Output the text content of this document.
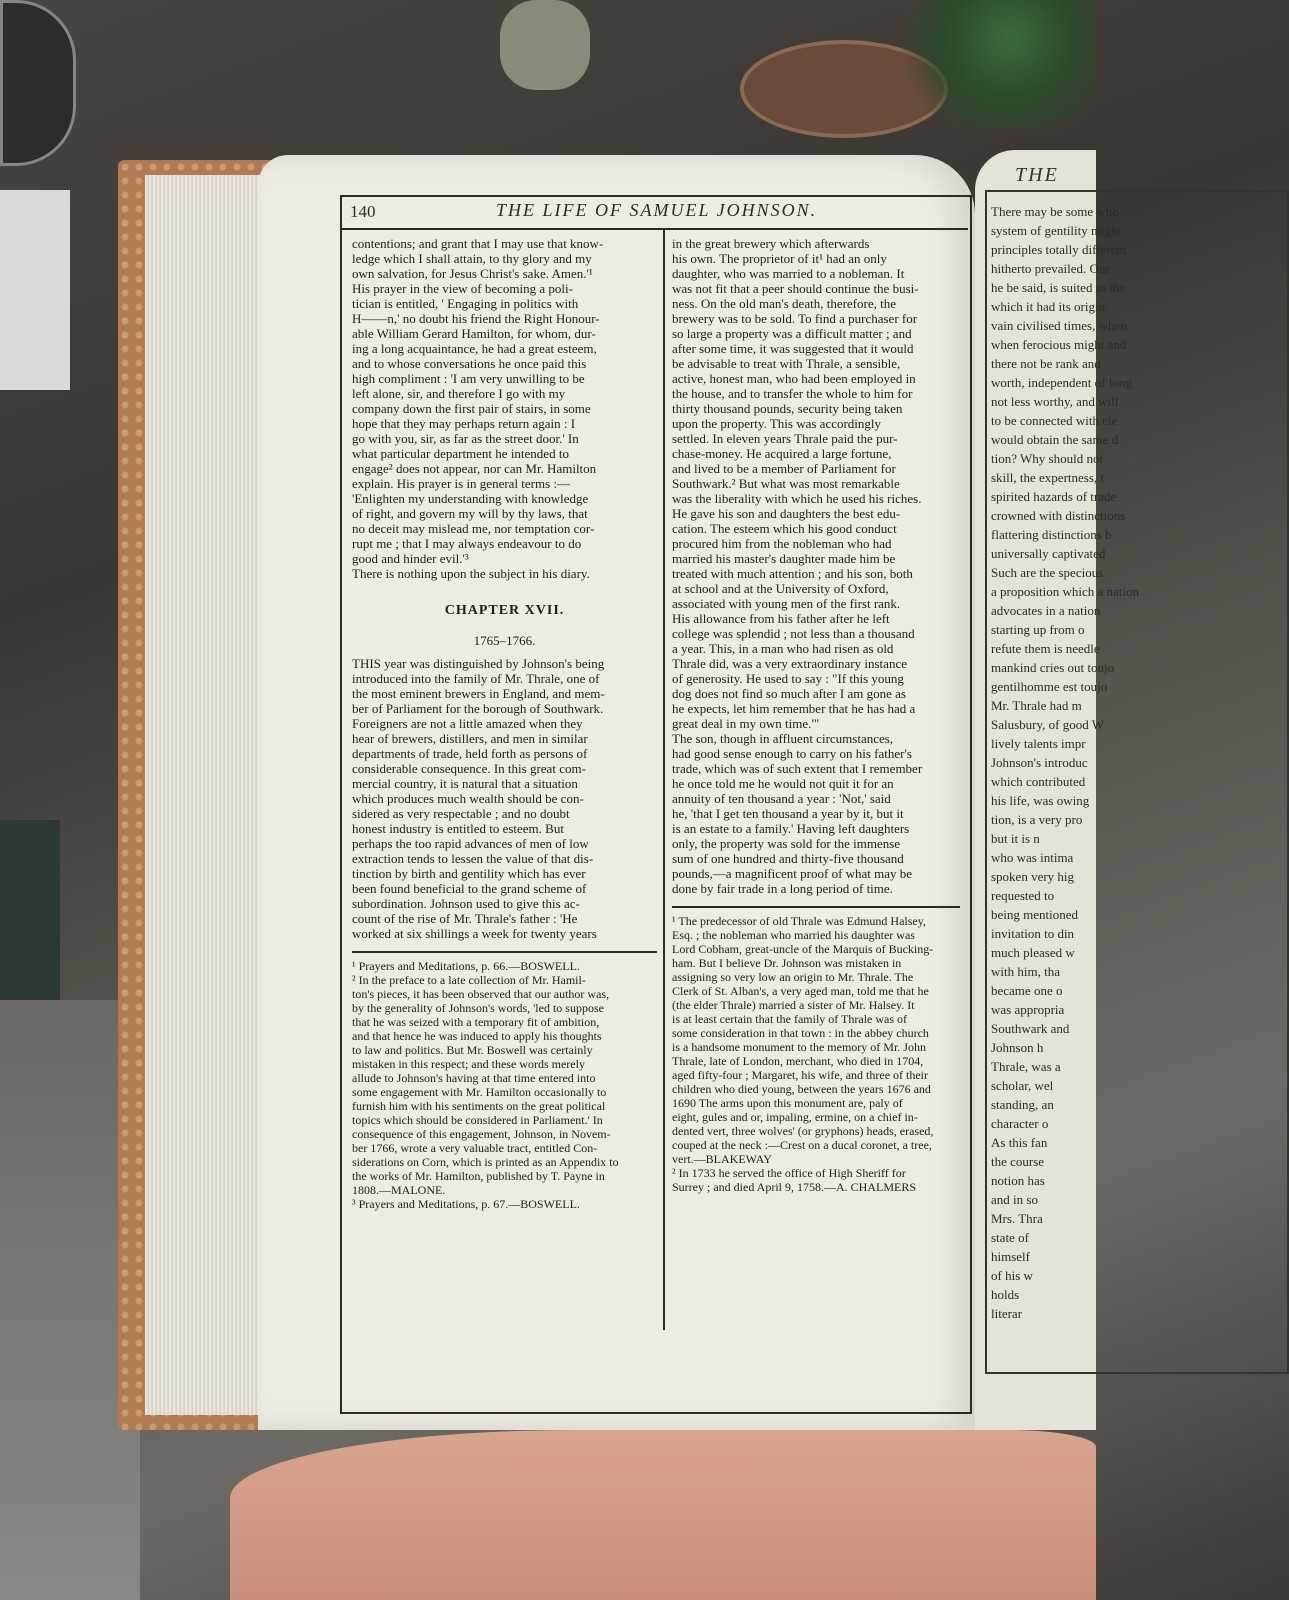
THE
There may be some who
system of gentility might
principles totally different
hitherto prevailed. Our
he be said, is suited to the
which it had its origin.
vain civilised times, when
when ferocious might and
there not be rank and
worth, independent of long
not less worthy, and will
to be connected with ele
would obtain the same d
tion? Why should not
skill, the expertness, t
spirited hazards of trade
crowned with distinctions
flattering distinctions b
universally captivated
Such are the specious
a proposition which a nation
advocates in a nation
starting up from o
refute them is needle
mankind cries out toujo
gentilhomme est toujo
Mr. Thrale had m
Salusbury, of good W
lively talents impr
Johnson's introduc
which contributed
his life, was owing
tion, is a very pro
but it is n
who was intima
spoken very hig
requested to
being mentioned
invitation to din
much pleased w
with him, tha
became one o
was appropria
Southwark and
Johnson h
Thrale, was a
scholar, wel
standing, an
character o
As this fan
the course
notion has
and in so
Mrs. Thra
state of
himself
of his w
holds
literar
140	THE LIFE OF SAMUEL JOHNSON.
contentions; and grant that I may use that know-
ledge which I shall attain, to thy glory and my
own salvation, for Jesus Christ's sake. Amen.'¹
His prayer in the view of becoming a poli-
tician is entitled, ' Engaging in politics with
H——n,' no doubt his friend the Right Honour-
able William Gerard Hamilton, for whom, dur-
ing a long acquaintance, he had a great esteem,
and to whose conversations he once paid this
high compliment : 'I am very unwilling to be
left alone, sir, and therefore I go with my
company down the first pair of stairs, in some
hope that they may perhaps return again : I
go with you, sir, as far as the street door.' In
what particular department he intended to
engage² does not appear, nor can Mr. Hamilton
explain. His prayer is in general terms :—
'Enlighten my understanding with knowledge
of right, and govern my will by thy laws, that
no deceit may mislead me, nor temptation cor-
rupt me ; that I may always endeavour to do
good and hinder evil.'³
There is nothing upon the subject in his diary.
CHAPTER XVII.
1765–1766.
THIS year was distinguished by Johnson's being
introduced into the family of Mr. Thrale, one of
the most eminent brewers in England, and mem-
ber of Parliament for the borough of Southwark.
Foreigners are not a little amazed when they
hear of brewers, distillers, and men in similar
departments of trade, held forth as persons of
considerable consequence. In this great com-
mercial country, it is natural that a situation
which produces much wealth should be con-
sidered as very respectable ; and no doubt
honest industry is entitled to esteem. But
perhaps the too rapid advances of men of low
extraction tends to lessen the value of that dis-
tinction by birth and gentility which has ever
been found beneficial to the grand scheme of
subordination. Johnson used to give this ac-
count of the rise of Mr. Thrale's father : 'He
worked at six shillings a week for twenty years
¹ Prayers and Meditations, p. 66.—BOSWELL.
² In the preface to a late collection of Mr. Hamil-
ton's pieces, it has been observed that our author was,
by the generality of Johnson's words, 'led to suppose
that he was seized with a temporary fit of ambition,
and that hence he was induced to apply his thoughts
to law and politics. But Mr. Boswell was certainly
mistaken in this respect; and these words merely
allude to Johnson's having at that time entered into
some engagement with Mr. Hamilton occasionally to
furnish him with his sentiments on the great political
topics which should be considered in Parliament.' In
consequence of this engagement, Johnson, in Novem-
ber 1766, wrote a very valuable tract, entitled Con-
siderations on Corn, which is printed as an Appendix to
the works of Mr. Hamilton, published by T. Payne in
1808.—MALONE.
³ Prayers and Meditations, p. 67.—BOSWELL.
in the great brewery which afterwards
his own. The proprietor of it¹ had an only
daughter, who was married to a nobleman. It
was not fit that a peer should continue the busi-
ness. On the old man's death, therefore, the
brewery was to be sold. To find a purchaser for
so large a property was a difficult matter ; and
after some time, it was suggested that it would
be advisable to treat with Thrale, a sensible,
active, honest man, who had been employed in
the house, and to transfer the whole to him for
thirty thousand pounds, security being taken
upon the property. This was accordingly
settled. In eleven years Thrale paid the pur-
chase-money. He acquired a large fortune,
and lived to be a member of Parliament for
Southwark.² But what was most remarkable
was the liberality with which he used his riches.
He gave his son and daughters the best edu-
cation. The esteem which his good conduct
procured him from the nobleman who had
married his master's daughter made him be
treated with much attention ; and his son, both
at school and at the University of Oxford,
associated with young men of the first rank.
His allowance from his father after he left
college was splendid ; not less than a thousand
a year. This, in a man who had risen as old
Thrale did, was a very extraordinary instance
of generosity. He used to say : "If this young
dog does not find so much after I am gone as
he expects, let him remember that he has had a
great deal in my own time."'
The son, though in affluent circumstances,
had good sense enough to carry on his father's
trade, which was of such extent that I remember
he once told me he would not quit it for an
annuity of ten thousand a year : 'Not,' said
he, 'that I get ten thousand a year by it, but it
is an estate to a family.' Having left daughters
only, the property was sold for the immense
sum of one hundred and thirty-five thousand
pounds,—a magnificent proof of what may be
done by fair trade in a long period of time.
¹ The predecessor of old Thrale was Edmund Halsey,
Esq. ; the nobleman who married his daughter was
Lord Cobham, great-uncle of the Marquis of Bucking-
ham. But I believe Dr. Johnson was mistaken in
assigning so very low an origin to Mr. Thrale. The
Clerk of St. Alban's, a very aged man, told me that he
(the elder Thrale) married a sister of Mr. Halsey. It
is at least certain that the family of Thrale was of
some consideration in that town : in the abbey church
is a handsome monument to the memory of Mr. John
Thrale, late of London, merchant, who died in 1704,
aged fifty-four ; Margaret, his wife, and three of their
children who died young, between the years 1676 and
1690 The arms upon this monument are, paly of
eight, gules and or, impaling, ermine, on a chief in-
dented vert, three wolves' (or gryphons) heads, erased,
couped at the neck :—Crest on a ducal coronet, a tree,
vert.—BLAKEWAY
² In 1733 he served the office of High Sheriff for
Surrey ; and died April 9, 1758.—A. CHALMERS
